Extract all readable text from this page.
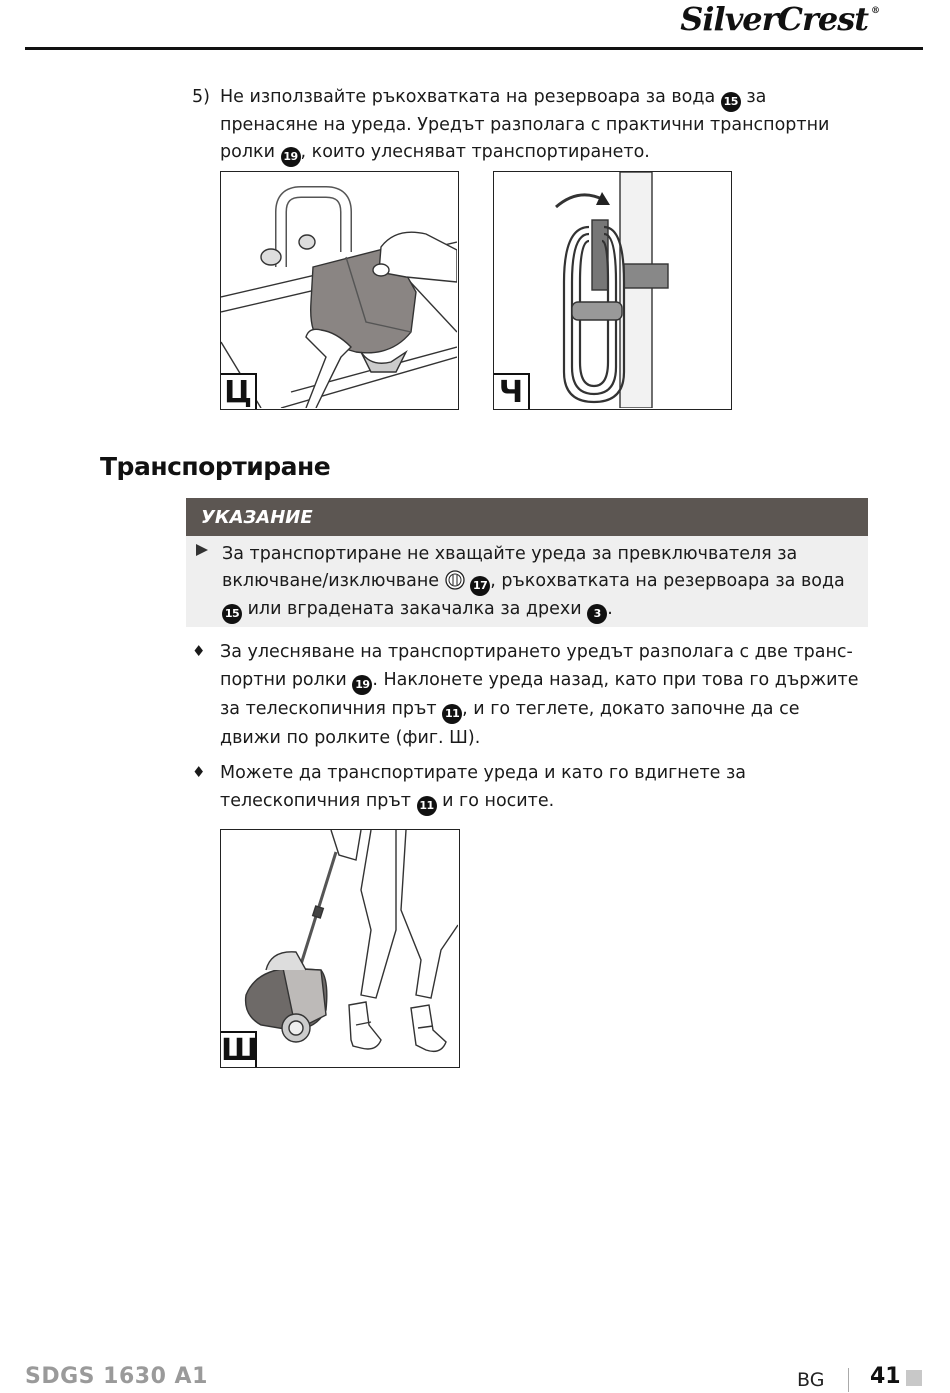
SilverCrest ®
5) Не използвайте ръкохватката на резервоара за вода 15 за пренасяне на уреда. Уредът разполага с практични транспортни ролки 19 , които улесняват транспортирането.
Ц	Ч
Транспортиране
УКАЗАНИЕ
За транспортиране не хващайте уреда за превключвателя за включване/изключване	17 , ръкохватката на резервоара за вода 15 или вградената закачалка за дрехи 3 .
♦ За улесняване на транспортирането уредът разполага с две транспортни ролки 19 . Наклонете уреда назад, като при това го държите за телескопичния прът 11 , и го теглете, докато започне да се движи по ролките (фиг. Ш).
♦ Можете да транспортирате уреда и като го вдигнете за телескопичния прът 11 и го носите.
Ш
SDGS 1630 A1	BG 41
